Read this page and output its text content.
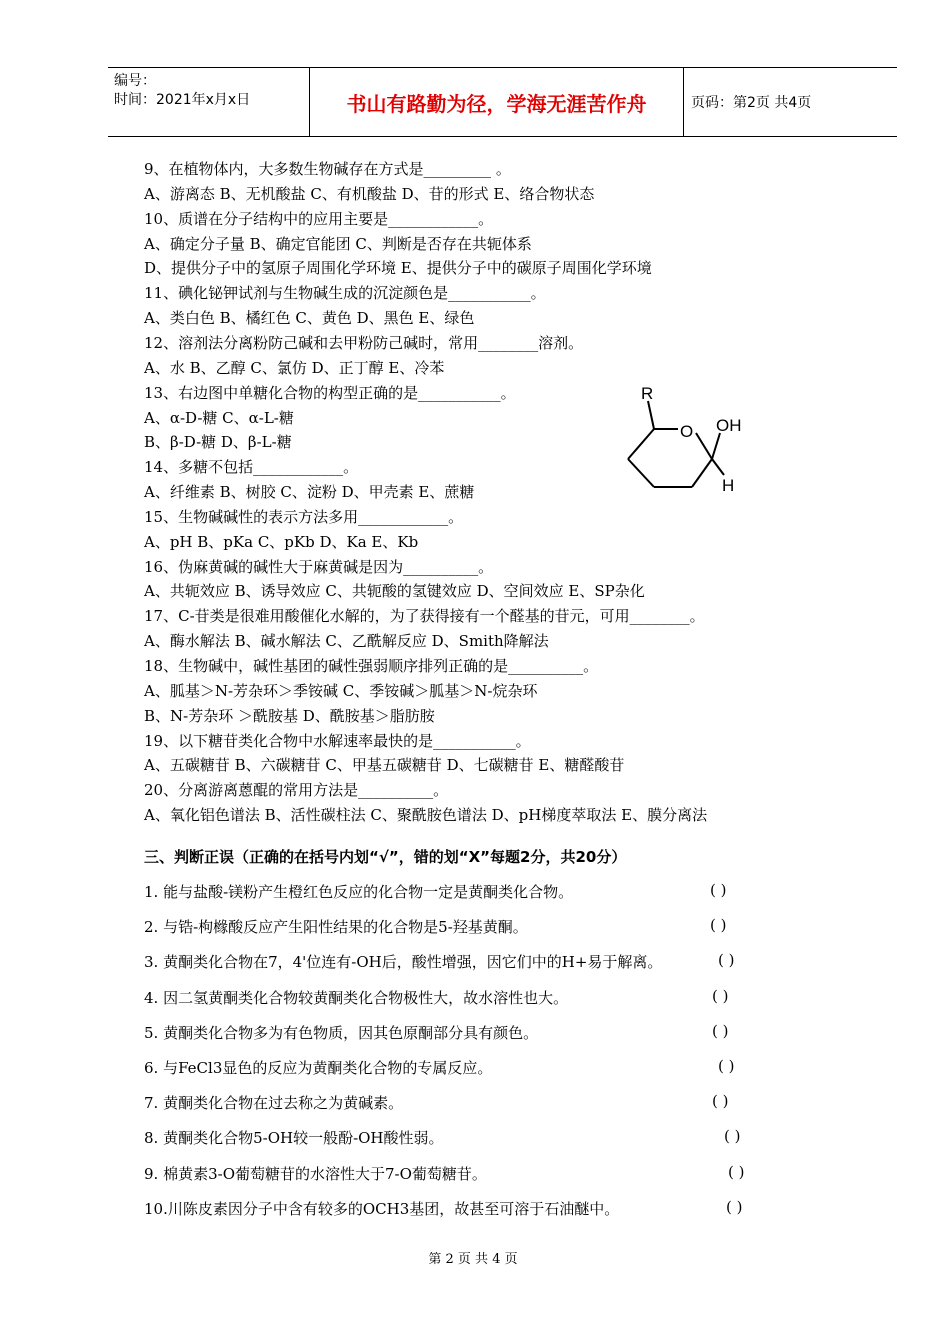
编号：
时间：2021年x月x日	书山有路勤为径，学海无涯苦作舟	页码：第2页 共4页
9、在植物体内，大多数生物碱存在方式是_________ 。
A、游离态 B、无机酸盐 C、有机酸盐 D、苷的形式 E、络合物状态
10、质谱在分子结构中的应用主要是____________。
A、确定分子量 B、确定官能团 C、判断是否存在共轭体系
D、提供分子中的氢原子周围化学环境 E、提供分子中的碳原子周围化学环境
11、碘化铋钾试剂与生物碱生成的沉淀颜色是___________。
A、类白色 B、橘红色 C、黄色 D、黑色 E、绿色
12、溶剂法分离粉防己碱和去甲粉防己碱时，常用________溶剂。
A、水 B、乙醇 C、氯仿 D、正丁醇 E、冷苯
13、右边图中单糖化合物的构型正确的是___________。
A、α-D-糖 C、α-L-糖
B、β-D-糖 D、β-L-糖
14、多糖不包括____________。
A、纤维素 B、树胶 C、淀粉 D、甲壳素 E、蔗糖
15、生物碱碱性的表示方法多用____________。
A、pH B、pKa C、pKb D、Ka E、Kb
16、伪麻黄碱的碱性大于麻黄碱是因为__________。
A、共轭效应 B、诱导效应 C、共轭酸的氢键效应 D、空间效应 E、SP杂化
17、C-苷类是很难用酸催化水解的，为了获得接有一个醛基的苷元，可用________。
A、酶水解法 B、碱水解法 C、乙酰解反应 D、Smith降解法
18、生物碱中，碱性基团的碱性强弱顺序排列正确的是__________。
A、胍基＞N-芳杂环＞季铵碱 C、季铵碱＞胍基＞N-烷杂环
B、N-芳杂环 ＞酰胺基 D、酰胺基＞脂肪胺
19、以下糖苷类化合物中水解速率最快的是___________。
A、五碳糖苷 B、六碳糖苷 C、甲基五碳糖苷 D、七碳糖苷 E、糖醛酸苷
20、分离游离蒽醌的常用方法是__________。
A、氧化铝色谱法 B、活性碳柱法 C、聚酰胺色谱法 D、pH梯度萃取法 E、膜分离法
R
O OH
H
三、判断正误（正确的在括号内划“√”，错的划“X”每题2分，共20分）
1. 能与盐酸-镁粉产生橙红色反应的化合物一定是黄酮类化合物。	( )
2. 与锆-枸橼酸反应产生阳性结果的化合物是5-羟基黄酮。	( )
3. 黄酮类化合物在7，4'位连有-OH后，酸性增强，因它们中的H+易于解离。	( )
4. 因二氢黄酮类化合物较黄酮类化合物极性大，故水溶性也大。	( )
5. 黄酮类化合物多为有色物质，因其色原酮部分具有颜色。	( )
6. 与FeCl3显色的反应为黄酮类化合物的专属反应。	( )
7. 黄酮类化合物在过去称之为黄碱素。	( )
8. 黄酮类化合物5-OH较一般酚-OH酸性弱。	( )
9. 棉黄素3-O葡萄糖苷的水溶性大于7-O葡萄糖苷。	( )
10.川陈皮素因分子中含有较多的OCH3基团，故甚至可溶于石油醚中。	( )
第 2 页 共 4 页
